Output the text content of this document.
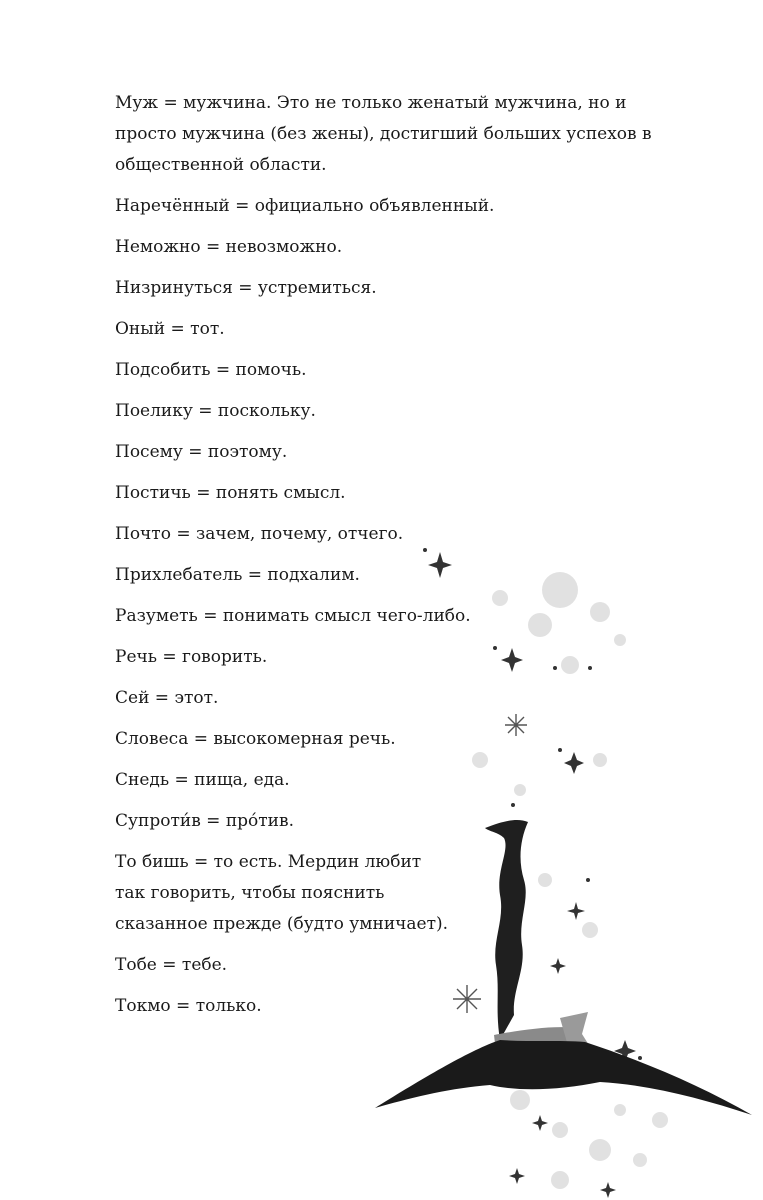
Муж = мужчина. Это не только женатый мужчина, но и просто мужчина (без жены), достигший больших успехов в общественной области.

Наречённый = официально объявленный.

Неможно = невозможно.

Низринуться = устремиться.

Оный = тот.

Подсобить = помочь.

Поелику = поскольку.

Посему = поэтому.

Постичь = понять смысл.

Почто = зачем, почему, отчего.

Прихлебатель = подхалим.

Разуметь = понимать смысл чего-либо.

Речь = говорить.

Сей = этот.

Словеса = высокомерная речь.

Снедь = пища, еда.

Супроти́в = про́тив.

То бишь = то есть. Мердин любит так говорить, чтобы пояснить сказанное прежде (будто умничает).

Тобе = тебе.

Токмо = только.
